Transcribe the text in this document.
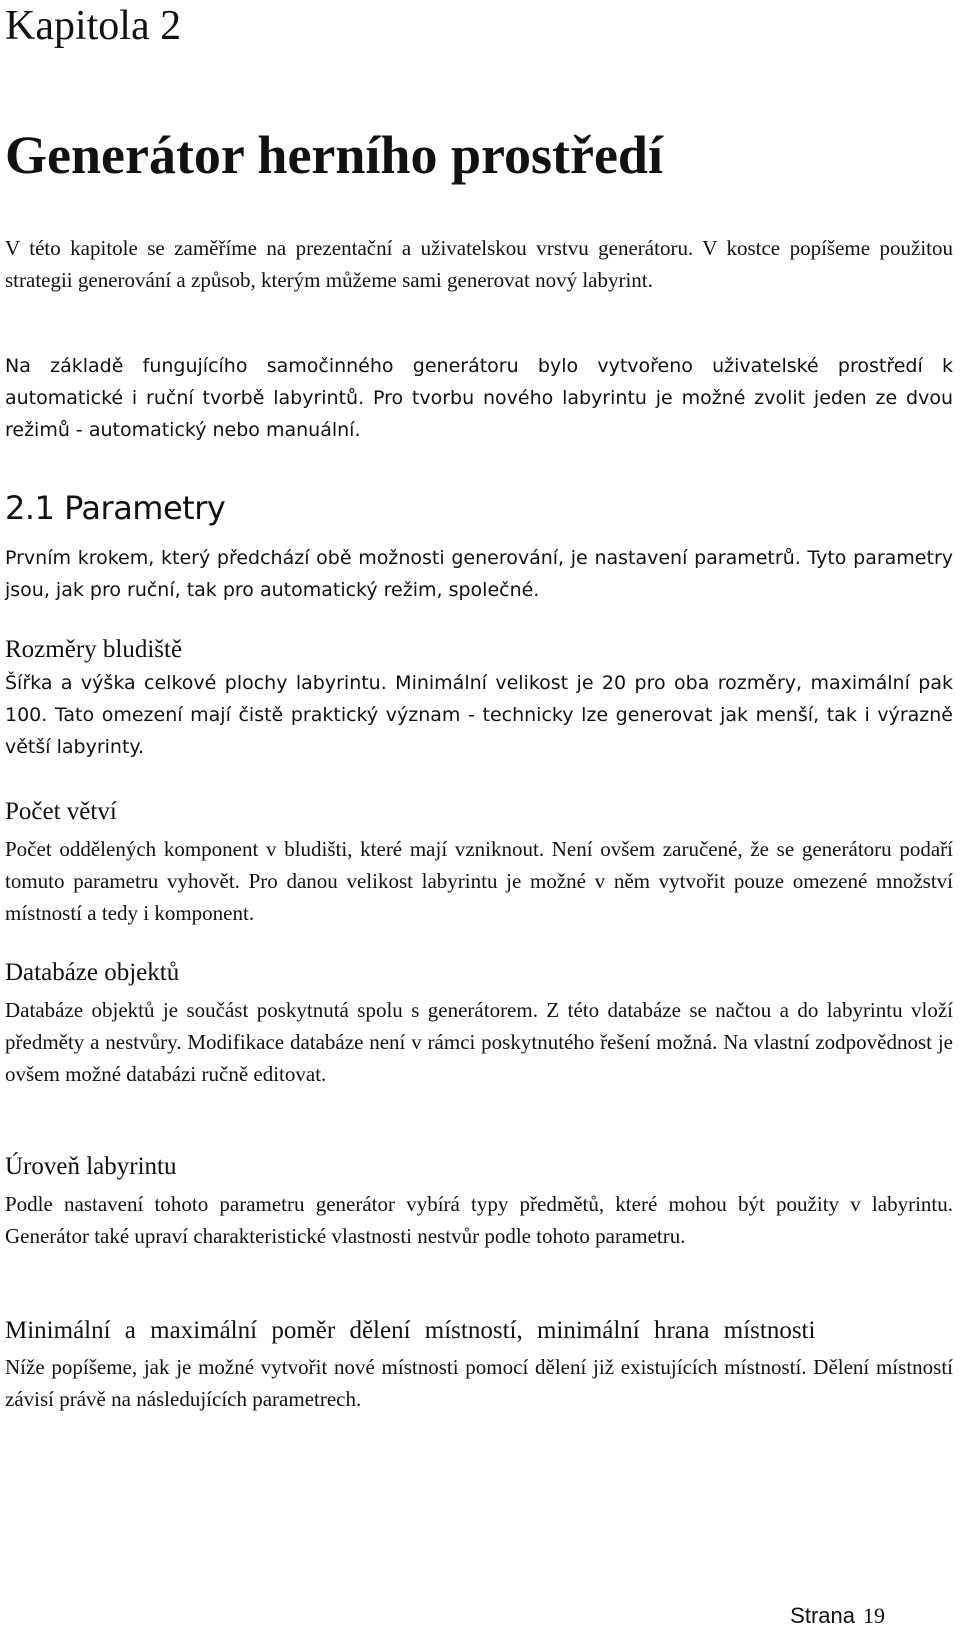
Kapitola 2
Generátor herního prostředí

V této kapitole se zaměříme na prezentační a uživatelskou vrstvu generátoru. V kostce popíšeme použitou strategii generování a způsob, kterým můžeme sami generovat nový labyrint.

Na základě fungujícího samočinného generátoru bylo vytvořeno uživatelské prostředí k automatické i ruční tvorbě labyrintů. Pro tvorbu nového labyrintu je možné zvolit jeden ze dvou režimů - automatický nebo manuální.

2.1 Parametry

Prvním krokem, který předchází obě možnosti generování, je nastavení parametrů. Tyto parametry jsou, jak pro ruční, tak pro automatický režim, společné.

Rozměry bludiště

Šířka a výška celkové plochy labyrintu. Minimální velikost je 20 pro oba rozměry, maximální pak 100. Tato omezení mají čistě praktický význam - technicky lze generovat jak menší, tak i výrazně větší labyrinty.

Počet větví

Počet oddělených komponent v bludišti, které mají vzniknout. Není ovšem zaručené, že se generátoru podaří tomuto parametru vyhovět. Pro danou velikost labyrintu je možné v něm vytvořit pouze omezené množství místností a tedy i komponent.

Databáze objektů

Databáze objektů je součást poskytnutá spolu s generátorem. Z této databáze se načtou a do labyrintu vloží předměty a nestvůry. Modifikace databáze není v rámci poskytnutého řešení možná. Na vlastní zodpovědnost je ovšem možné databázi ručně editovat.

Úroveň labyrintu

Podle nastavení tohoto parametru generátor vybírá typy předmětů, které mohou být použity v labyrintu. Generátor také upraví charakteristické vlastnosti nestvůr podle tohoto parametru.

Minimální a maximální poměr dělení místností, minimální hrana místnosti

Níže popíšeme, jak je možné vytvořit nové místnosti pomocí dělení již existujících místností. Dělení místností závisí právě na následujících parametrech.

Strana 19
